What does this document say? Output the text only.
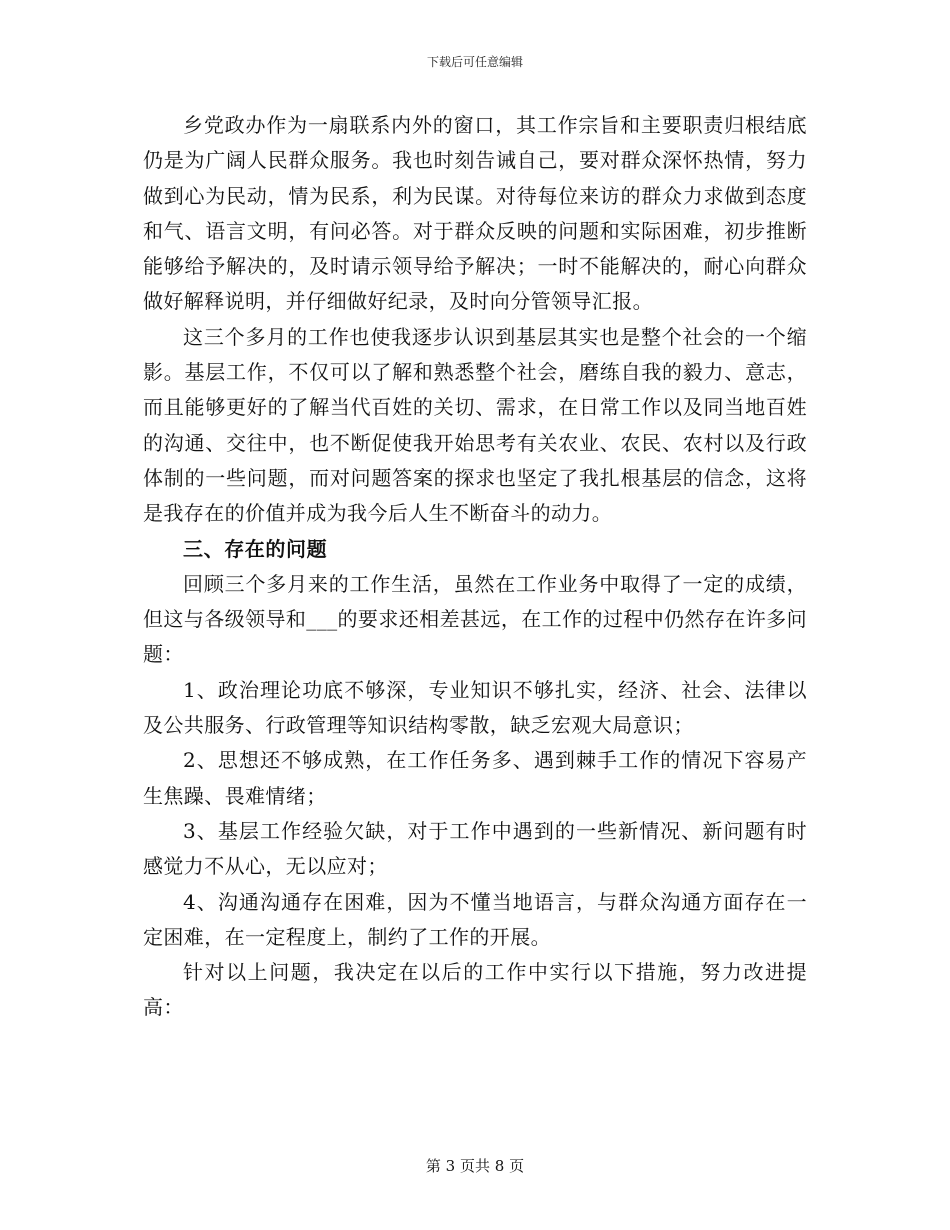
下载后可任意编辑

乡党政办作为一扇联系内外的窗口，其工作宗旨和主要职责归根结底仍是为广阔人民群众服务。我也时刻告诫自己，要对群众深怀热情，努力做到心为民动，情为民系，利为民谋。对待每位来访的群众力求做到态度和气、语言文明，有问必答。对于群众反映的问题和实际困难，初步推断能够给予解决的，及时请示领导给予解决；一时不能解决的，耐心向群众做好解释说明，并仔细做好纪录，及时向分管领导汇报。

这三个多月的工作也使我逐步认识到基层其实也是整个社会的一个缩影。基层工作，不仅可以了解和熟悉整个社会，磨练自我的毅力、意志，而且能够更好的了解当代百姓的关切、需求，在日常工作以及同当地百姓的沟通、交往中，也不断促使我开始思考有关农业、农民、农村以及行政体制的一些问题，而对问题答案的探求也坚定了我扎根基层的信念，这将是我存在的价值并成为我今后人生不断奋斗的动力。

三、存在的问题

回顾三个多月来的工作生活，虽然在工作业务中取得了一定的成绩，但这与各级领导和___的要求还相差甚远，在工作的过程中仍然存在许多问题：

1、政治理论功底不够深，专业知识不够扎实，经济、社会、法律以及公共服务、行政管理等知识结构零散，缺乏宏观大局意识；

2、思想还不够成熟，在工作任务多、遇到棘手工作的情况下容易产生焦躁、畏难情绪；

3、基层工作经验欠缺，对于工作中遇到的一些新情况、新问题有时感觉力不从心，无以应对；

4、沟通沟通存在困难，因为不懂当地语言，与群众沟通方面存在一定困难，在一定程度上，制约了工作的开展。

针对以上问题，我决定在以后的工作中实行以下措施，努力改进提高：

第 3 页共 8 页
